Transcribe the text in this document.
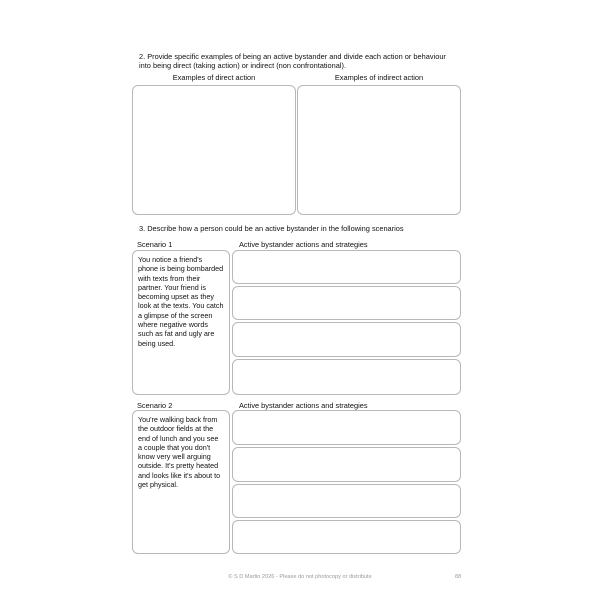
2. Provide specific examples of being an active bystander and divide each action or behaviour into being direct (taking action) or indirect (non confrontational).
Examples of direct action	Examples of indirect action
3. Describe how a person could be an active bystander in the following scenarios
Scenario 1	Active bystander actions and strategies
You notice a friend's phone is being bombarded with texts from their partner. Your friend is becoming upset as they look at the texts. You catch a glimpse of the screen where negative words such as fat and ugly are being used.
Scenario 2	Active bystander actions and strategies
You're walking back from the outdoor fields at the end of lunch and you see a couple that you don't know very well arguing outside. It's pretty heated and looks like it's about to get physical.
© S D Martin 2026 - Please do not photocopy or distribute	88
